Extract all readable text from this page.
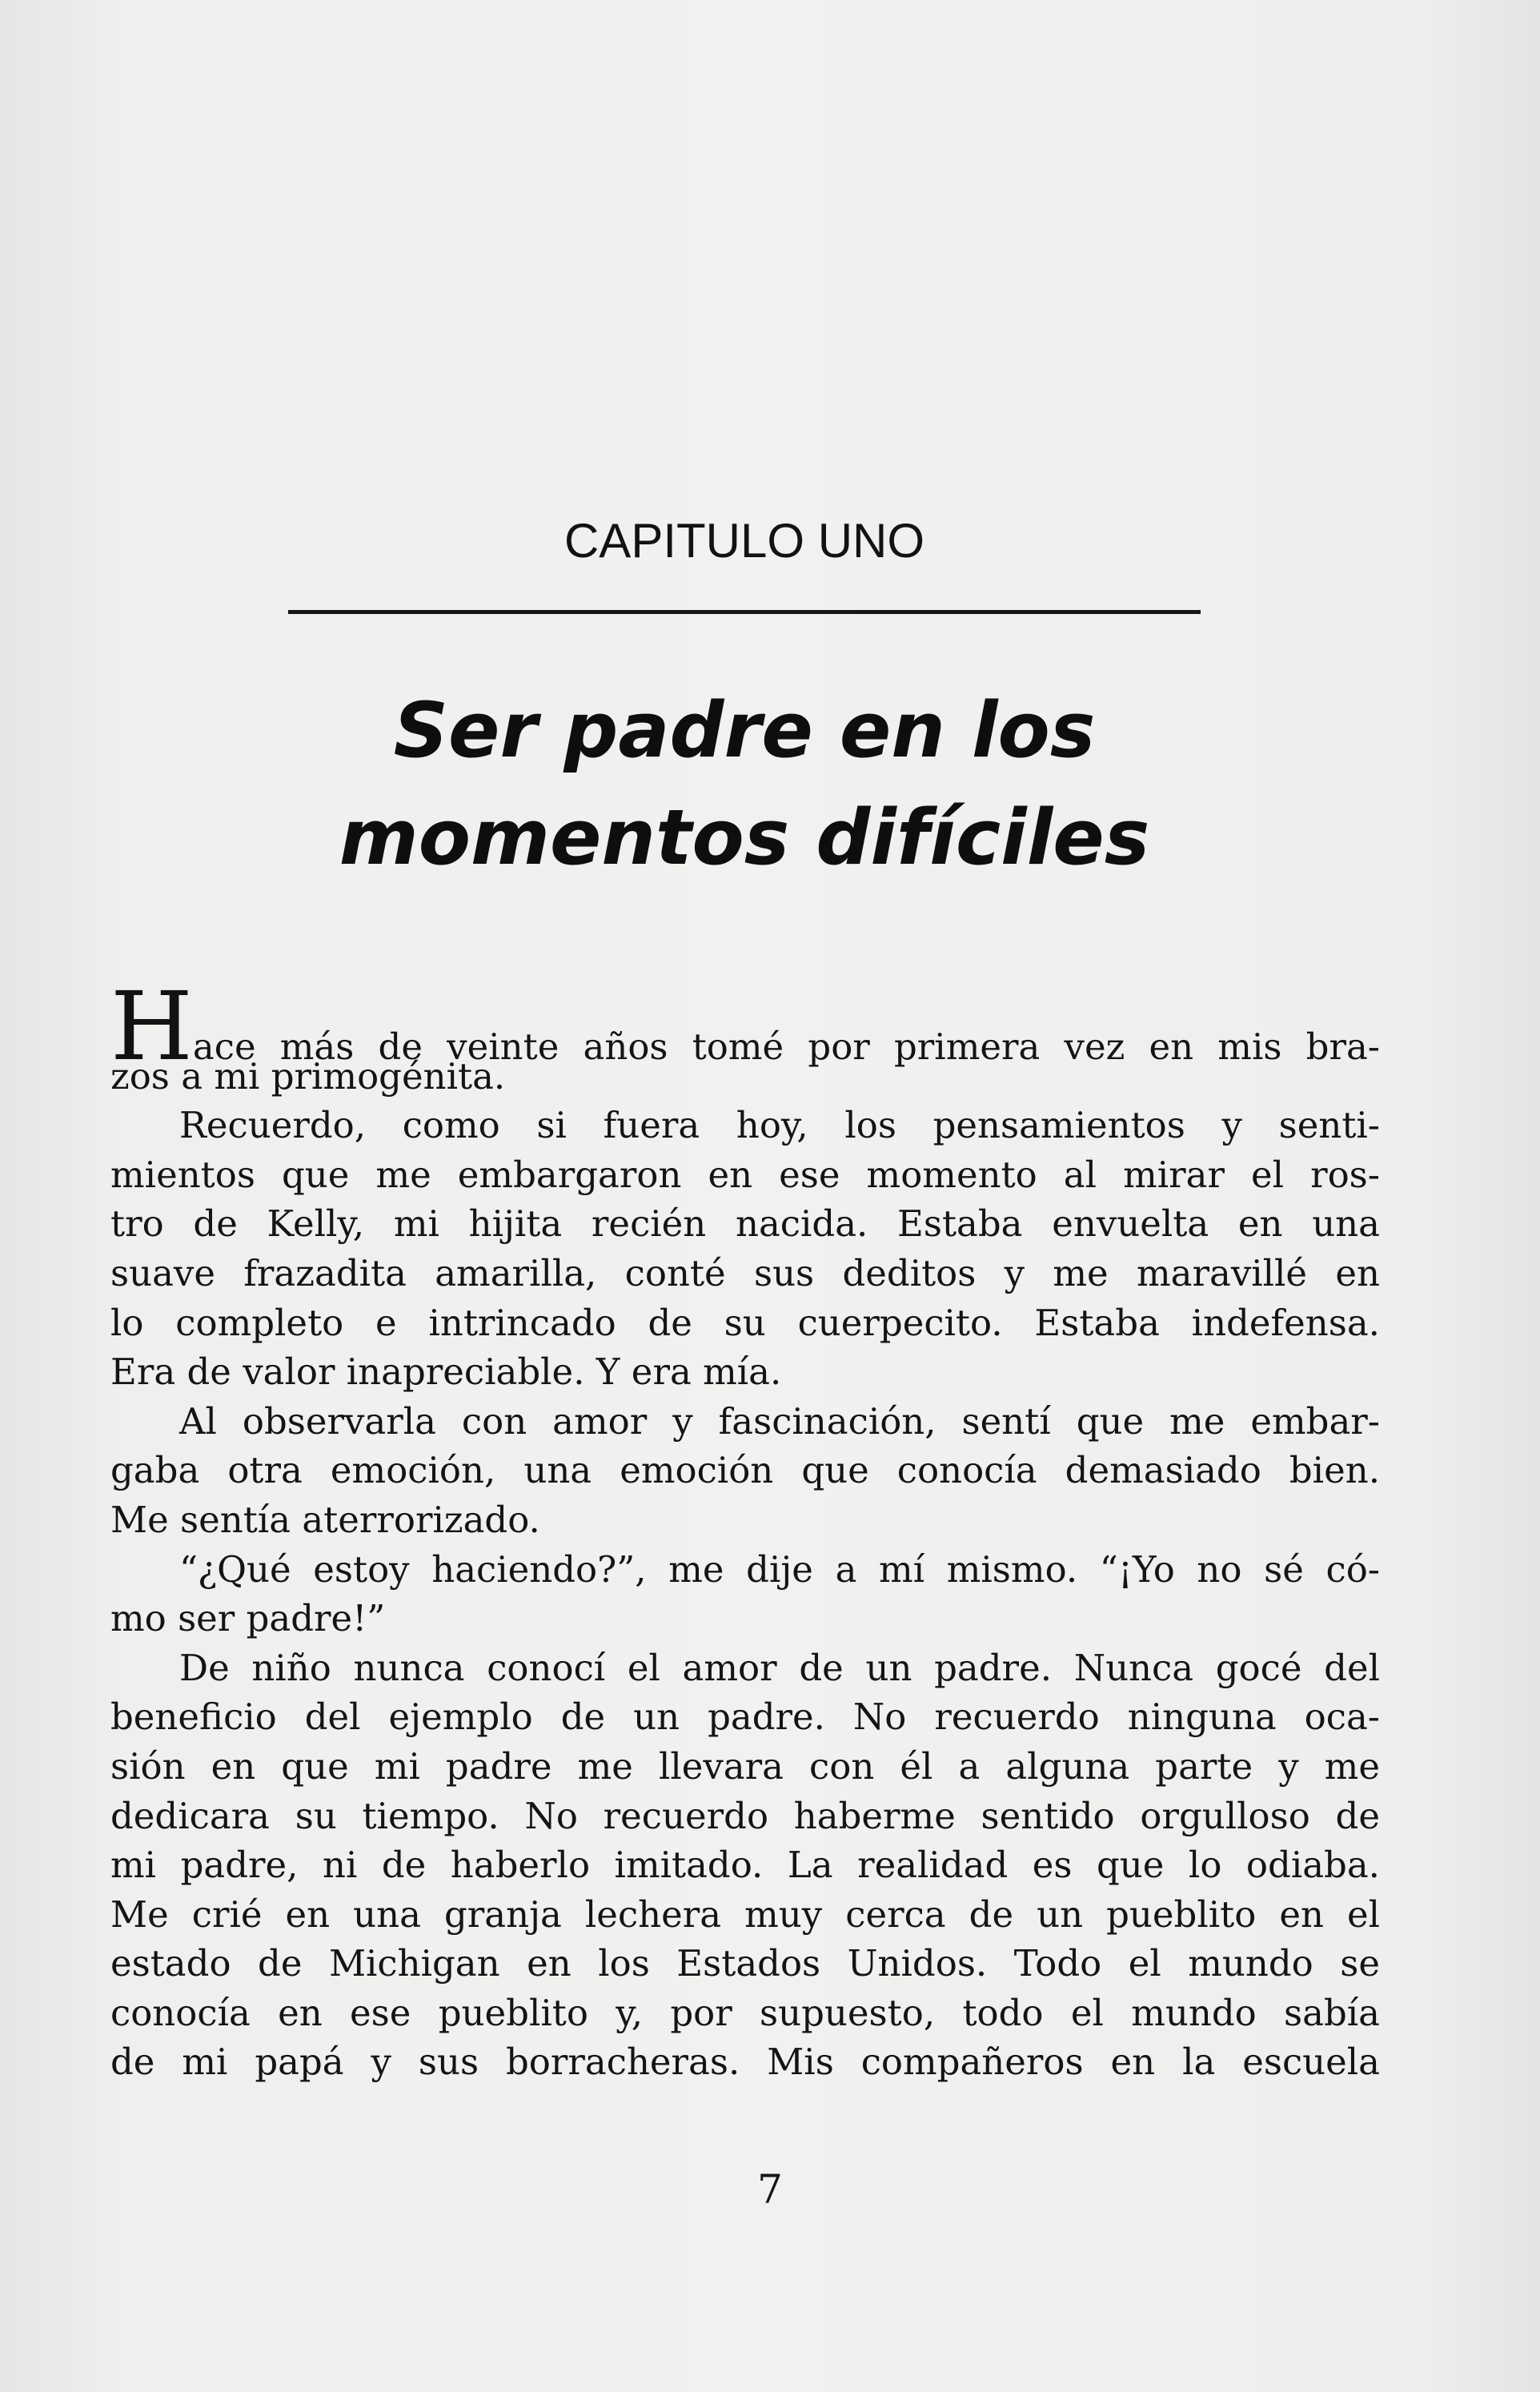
CAPITULO UNO
Ser padre en los
momentos difíciles
Hace más de veinte años tomé por primera vez en mis bra-
zos a mi primogénita.
Recuerdo, como si fuera hoy, los pensamientos y senti-
mientos que me embargaron en ese momento al mirar el ros-
tro de Kelly, mi hijita recién nacida. Estaba envuelta en una
suave frazadita amarilla, conté sus deditos y me maravillé en
lo completo e intrincado de su cuerpecito. Estaba indefensa.
Era de valor inapreciable. Y era mía.
Al observarla con amor y fascinación, sentí que me embar-
gaba otra emoción, una emoción que conocía demasiado bien.
Me sentía aterrorizado.
“¿Qué estoy haciendo?”, me dije a mí mismo. “¡Yo no sé có-
mo ser padre!”
De niño nunca conocí el amor de un padre. Nunca gocé del
beneficio del ejemplo de un padre. No recuerdo ninguna oca-
sión en que mi padre me llevara con él a alguna parte y me
dedicara su tiempo. No recuerdo haberme sentido orgulloso de
mi padre, ni de haberlo imitado. La realidad es que lo odiaba.
Me crié en una granja lechera muy cerca de un pueblito en el
estado de Michigan en los Estados Unidos. Todo el mundo se
conocía en ese pueblito y, por supuesto, todo el mundo sabía
de mi papá y sus borracheras. Mis compañeros en la escuela
7
